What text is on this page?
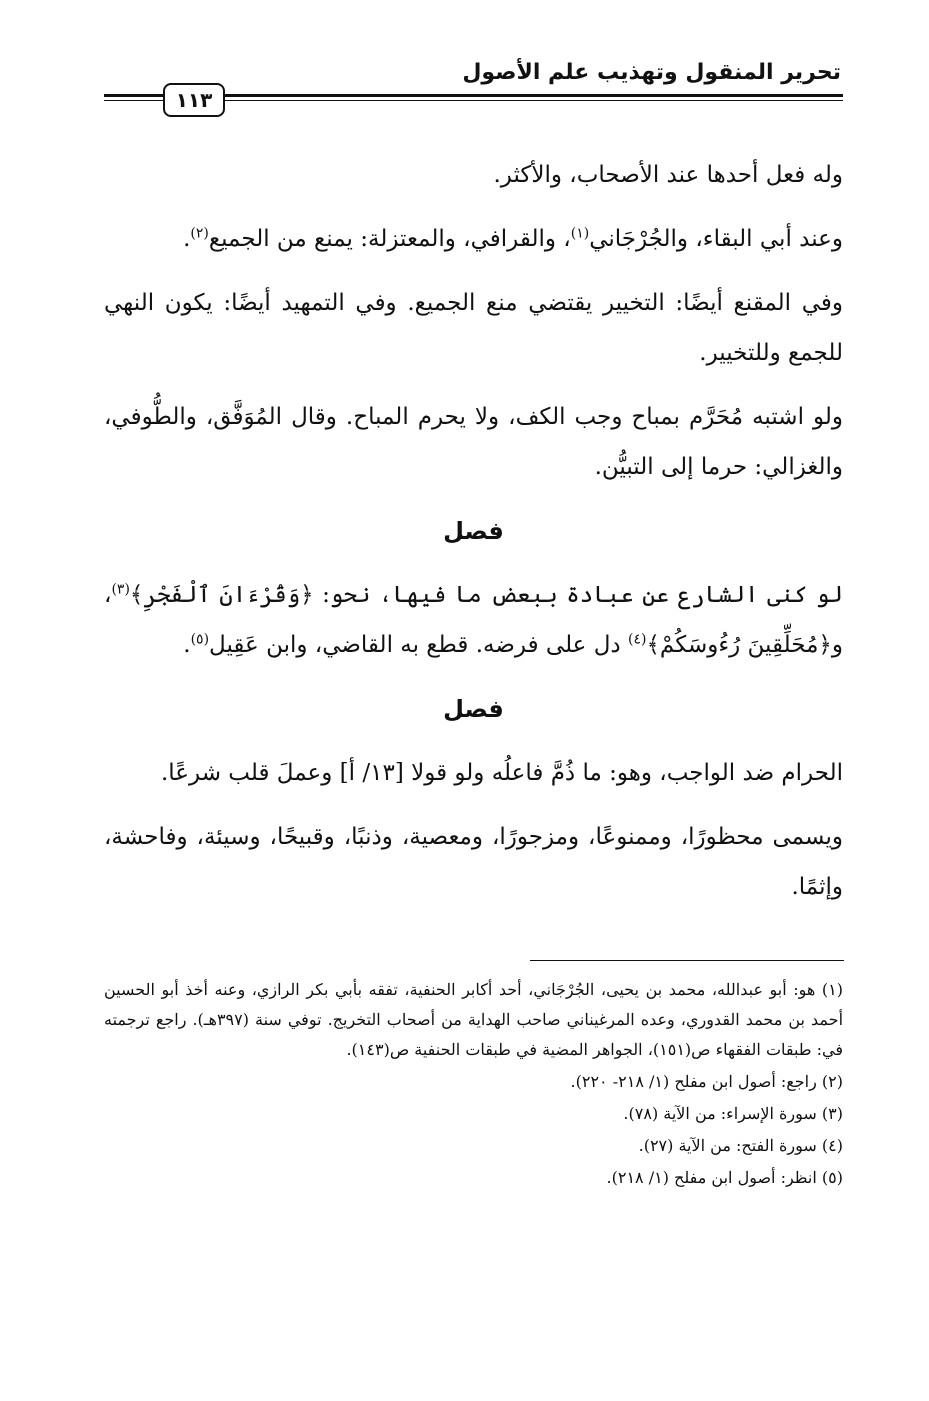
تحرير المنقول وتهذيب علم الأصول
١١٣

وله فعل أحدها عند الأصحاب، والأكثر.

وعند أبي البقاء، والجُرْجَاني$^{(١)}$، والقرافي، والمعتزلة: يمنع من الجميع$^{(٢)}$.

وفي المقنع أيضًا: التخيير يقتضي منع الجميع. وفي التمهيد أيضًا: يكون النهي للجمع وللتخيير.

ولو اشتبه مُحَرَّم بمباح وجب الكف، ولا يحرم المباح. وقال المُوَفَّق، والطُّوفي، والغزالي: حرما إلى التبيُّن.

فصل

لو كنى الشارع عن عبادة ببعض ما فيها، نحو: ﴿وَقُرْءَانَ ٱلْفَجْرِ﴾$^{(٣)}$، و﴿مُحَلِّقِينَ رُءُوسَكُمْ﴾$^{(٤)}$ دل على فرضه. قطع به القاضي، وابن عَقِيل$^{(٥)}$.

فصل

الحرام ضد الواجب، وهو: ما ذُمَّ فاعلُه ولو قولا [١٣/ أ] وعملَ قلب شرعًا.

ويسمى محظورًا، وممنوعًا، ومزجورًا، ومعصية، وذنبًا، وقبيحًا، وسيئة، وفاحشة، وإثمًا.

(١) هو: أبو عبدالله، محمد بن يحيى، الجُرْجَاني، أحد أكابر الحنفية، تفقه بأبي بكر الرازي، وعنه أخذ أبو الحسين أحمد بن محمد القدوري، وعده المرغيناني صاحب الهداية من أصحاب التخريج. توفي سنة (٣٩٧هـ). راجع ترجمته في: طبقات الفقهاء ص(١٥١)، الجواهر المضية في طبقات الحنفية ص(١٤٣).

(٢) راجع: أصول ابن مفلح (١/ ٢١٨- ٢٢٠).

(٣) سورة الإسراء: من الآية (٧٨).

(٤) سورة الفتح: من الآية (٢٧).

(٥) انظر: أصول ابن مفلح (١/ ٢١٨).
